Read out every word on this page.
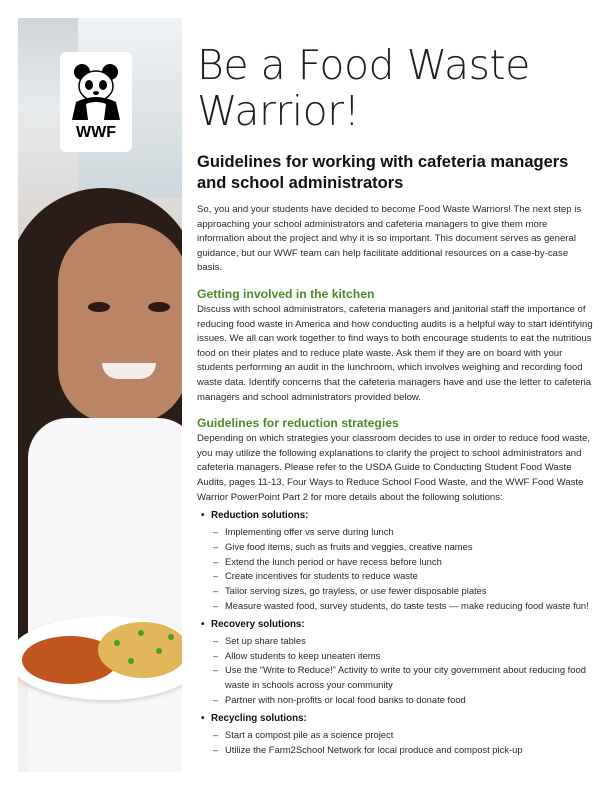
WWF
Be a Food Waste Warrior!
Guidelines for working with cafeteria managers and school administrators

So, you and your students have decided to become Food Waste Warriors! The next step is approaching your school administrators and cafeteria managers to give them more information about the project and why it is so important. This document serves as general guidance, but our WWF team can help facilitate additional resources on a case-by-case basis.

Getting involved in the kitchen

Discuss with school administrators, cafeteria managers and janitorial staff the importance of reducing food waste in America and how conducting audits is a helpful way to start identifying issues. We all can work together to find ways to both encourage students to eat the nutritious food on their plates and to reduce plate waste. Ask them if they are on board with your students performing an audit in the lunchroom, which involves weighing and recording food waste data. Identify concerns that the cafeteria managers have and use the letter to cafeteria managers and school administrators provided below.

Guidelines for reduction strategies

Depending on which strategies your classroom decides to use in order to reduce food waste, you may utilize the following explanations to clarify the project to school administrators and cafeteria managers. Please refer to the USDA Guide to Conducting Student Food Waste Audits, pages 11-13, Four Ways to Reduce School Food Waste, and the WWF Food Waste Warrior PowerPoint Part 2 for more details about the following solutions:

• Reduction solutions:
– Implementing offer vs serve during lunch
– Give food items, such as fruits and veggies, creative names
– Extend the lunch period or have recess before lunch
– Create incentives for students to reduce waste
– Tailor serving sizes, go trayless, or use fewer disposable plates
– Measure wasted food, survey students, do taste tests — make reducing food waste fun!
• Recovery solutions:
– Set up share tables
– Allow students to keep uneaten items
– Use the “Write to Reduce!” Activity to write to your city government about reducing food waste in schools across your community
– Partner with non-profits or local food banks to donate food
• Recycling solutions:
– Start a compost pile as a science project
– Utilize the Farm2School Network for local produce and compost pick-up
